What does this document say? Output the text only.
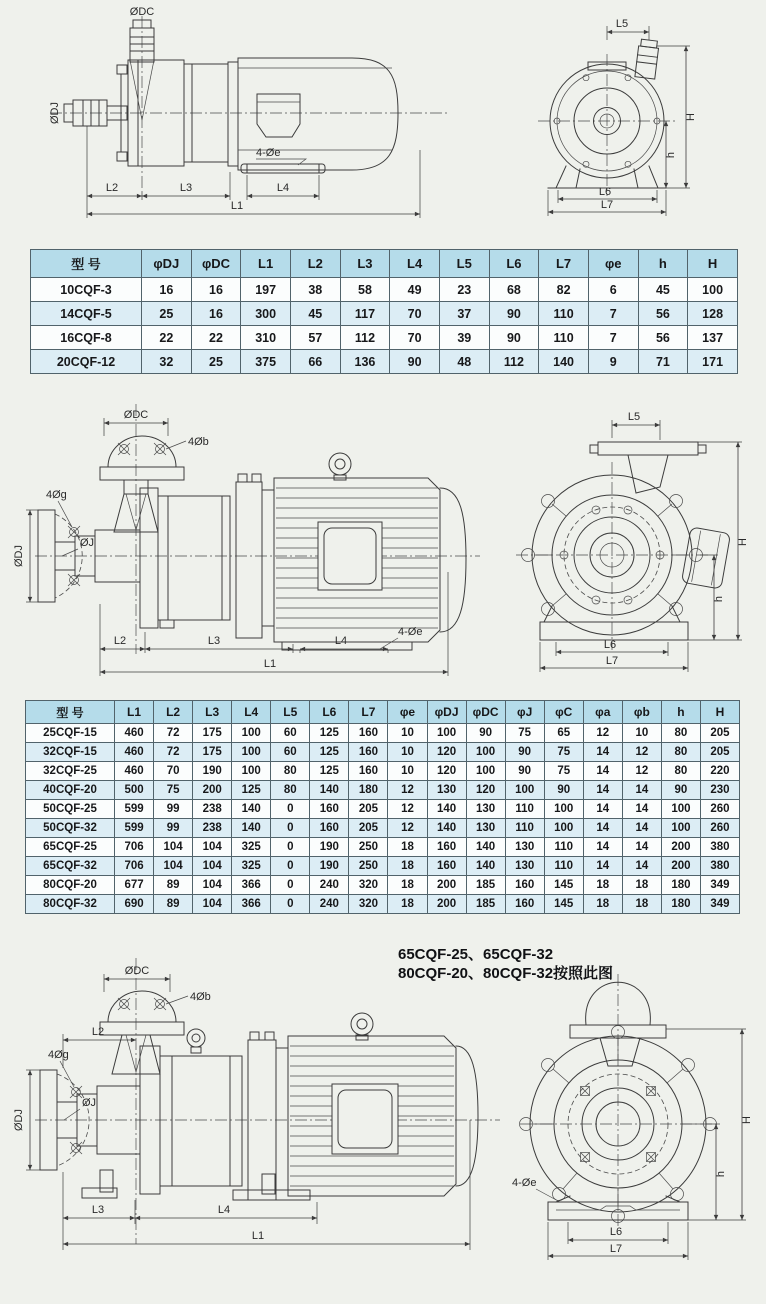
ØDJ
ØDC
4-Øe
L2	L3	L4
L1
L5
H
h
L6
L7
型 号	φDJ	φDC	L1	L2	L3	L4	L5	L6	L7	φe	h	H
10CQF-3	16	16	197	38	58	49	23	68	82	6	45	100
14CQF-5	25	16	300	45	117	70	37	90	110	7	56	128
16CQF-8	22	22	310	57	112	70	39	90	110	7	56	137
20CQF-12	32	25	375	66	136	90	48	112	140	9	71	171
ØDC
4Øb
4Øg
ØJ
ØDJ
4-Øe
L2	L3	L4
L1
L5
H
h
L6
L7
型 号	L1	L2	L3	L4	L5	L6	L7	φe	φDJ	φDC	φJ	φC	φa	φb	h	H
25CQF-15	460	72	175	100	60	125	160	10	100	90	75	65	12	10	80	205
32CQF-15	460	72	175	100	60	125	160	10	120	100	90	75	14	12	80	205
32CQF-25	460	70	190	100	80	125	160	10	120	100	90	75	14	12	80	220
40CQF-20	500	75	200	125	80	140	180	12	130	120	100	90	14	14	90	230
50CQF-25	599	99	238	140	0	160	205	12	140	130	110	100	14	14	100	260
50CQF-32	599	99	238	140	0	160	205	12	140	130	110	100	14	14	100	260
65CQF-25	706	104	104	325	0	190	250	18	160	140	130	110	14	14	200	380
65CQF-32	706	104	104	325	0	190	250	18	160	140	130	110	14	14	200	380
80CQF-20	677	89	104	366	0	240	320	18	200	185	160	145	18	18	180	349
80CQF-32	690	89	104	366	0	240	320	18	200	185	160	145	18	18	180	349
ØDC
4Øb
L2
4Øg
ØJ
ØDJ
L3	L4
L1
4-Øe
H
h
L6
L7
65CQF-25、65CQF-32
80CQF-20、80CQF-32按照此图
